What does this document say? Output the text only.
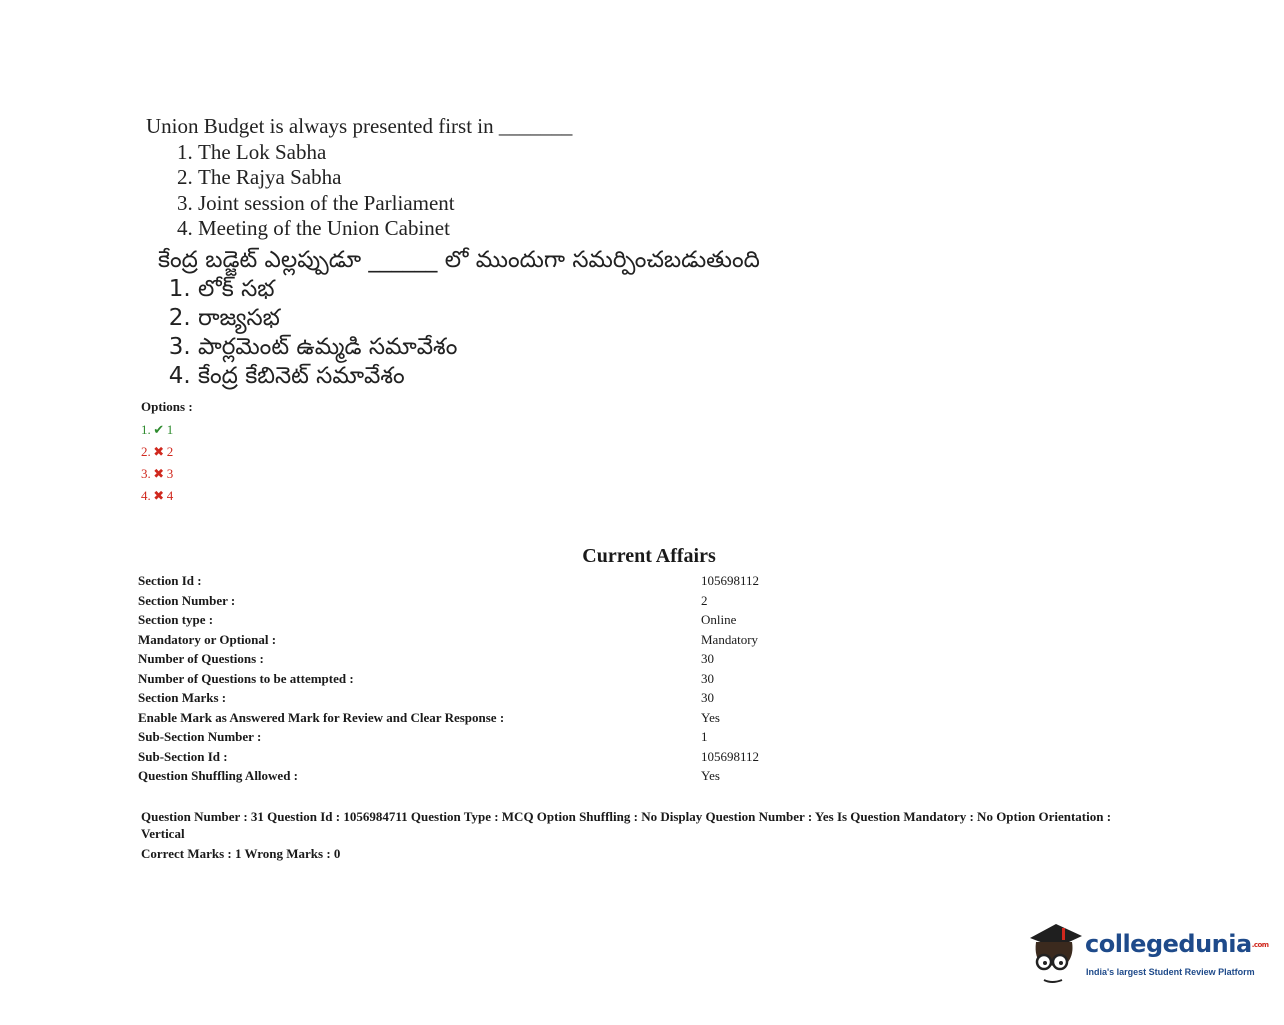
Union Budget is always presented first in _______
1. The Lok Sabha
2. The Rajya Sabha
3. Joint session of the Parliament
4. Meeting of the Union Cabinet
కేంద్ర బడ్జెట్ ఎల్లప్పుడూ ______ లో ముందుగా సమర్పించబడుతుంది
1. లోక్ సభ
2. రాజ్యసభ
3. పార్లమెంట్ ఉమ్మడి సమావేశం
4. కేంద్ర కేబినెట్ సమావేశం
Options :
1. ✔ 1
2. ✖ 2
3. ✖ 3
4. ✖ 4
Current Affairs
Section Id :	105698112
Section Number :	2
Section type :	Online
Mandatory or Optional :	Mandatory
Number of Questions :	30
Number of Questions to be attempted :	30
Section Marks :	30
Enable Mark as Answered Mark for Review and Clear Response :	Yes
Sub-Section Number :	1
Sub-Section Id :	105698112
Question Shuffling Allowed :	Yes
Question Number : 31 Question Id : 1056984711 Question Type : MCQ Option Shuffling : No Display Question Number : Yes Is Question Mandatory : No Option Orientation : Vertical
Correct Marks : 1 Wrong Marks : 0
collegedunia.com
India's largest Student Review Platform
